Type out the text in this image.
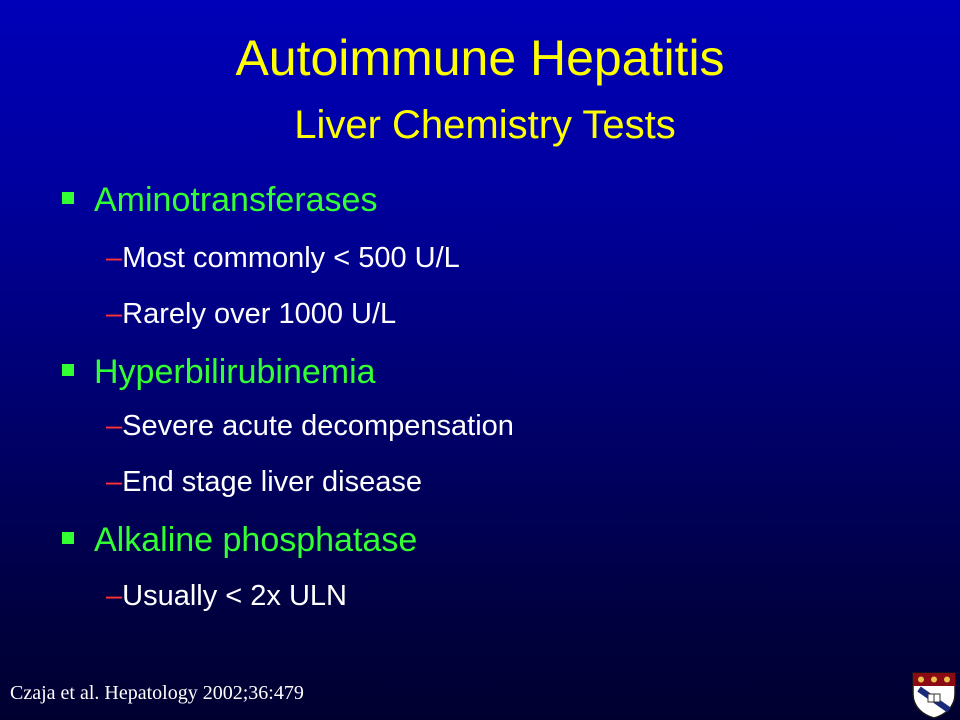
Autoimmune Hepatitis
Liver Chemistry Tests
Aminotransferases
–Most commonly < 500 U/L
–Rarely over 1000 U/L
Hyperbilirubinemia
–Severe acute decompensation
–End stage liver disease
Alkaline phosphatase
–Usually < 2x ULN
Czaja et al. Hepatology 2002;36:479
